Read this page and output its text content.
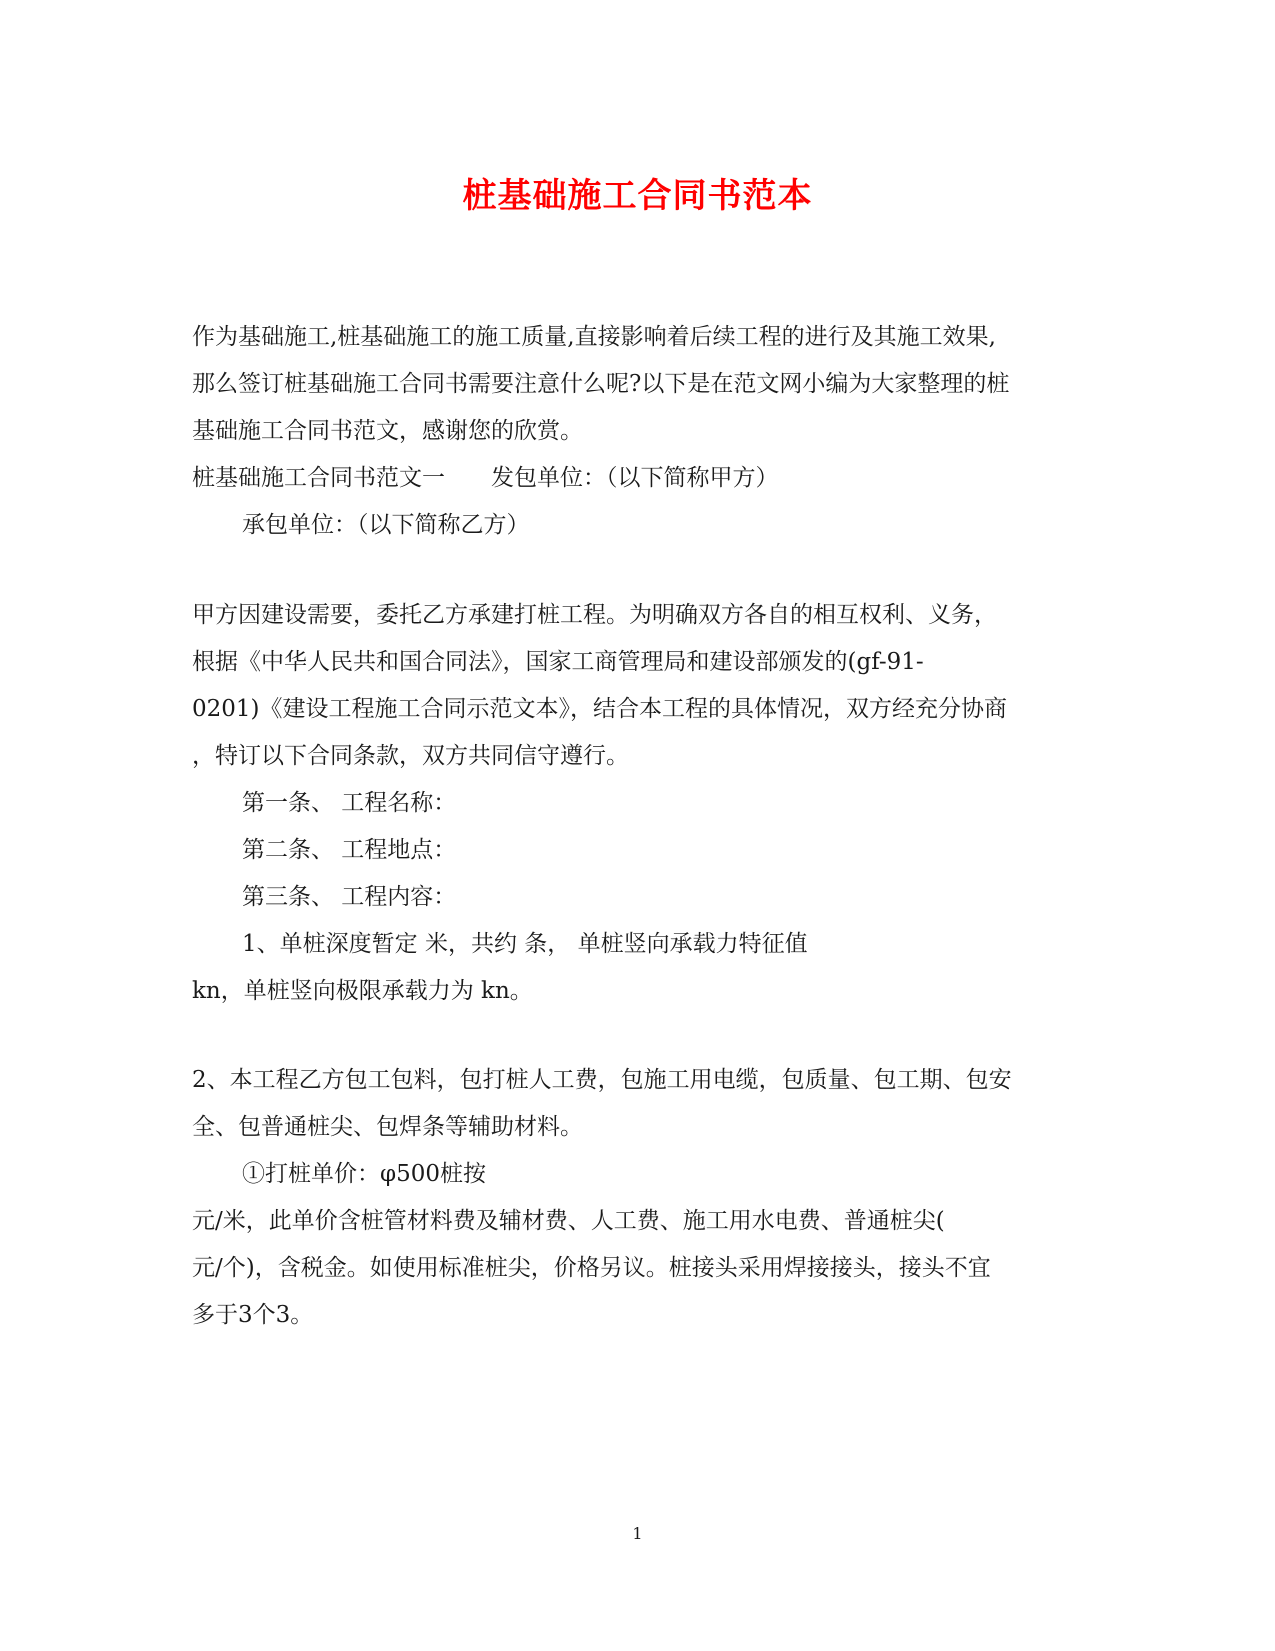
桩基础施工合同书范本
作为基础施工,桩基础施工的施工质量,直接影响着后续工程的进行及其施工效果,
那么签订桩基础施工合同书需要注意什么呢?以下是在范文网小编为大家整理的桩
基础施工合同书范文，感谢您的欣赏。
桩基础施工合同书范文一　　发包单位：（以下简称甲方）
承包单位：（以下简称乙方）
甲方因建设需要，委托乙方承建打桩工程。为明确双方各自的相互权利、义务，
根据《中华人民共和国合同法》，国家工商管理局和建设部颁发的(gf-91-
0201)《建设工程施工合同示范文本》，结合本工程的具体情况，双方经充分协商
，特订以下合同条款，双方共同信守遵行。
第一条、 工程名称：
第二条、 工程地点：
第三条、 工程内容：
1、单桩深度暂定 米，共约 条， 单桩竖向承载力特征值
kn，单桩竖向极限承载力为 kn。
2、本工程乙方包工包料，包打桩人工费，包施工用电缆，包质量、包工期、包安
全、包普通桩尖、包焊条等辅助材料。
①打桩单价：φ500桩按
元/米，此单价含桩管材料费及辅材费、人工费、施工用水电费、普通桩尖(
元/个)，含税金。如使用标准桩尖，价格另议。桩接头采用焊接接头，接头不宜
多于3个3。
1
